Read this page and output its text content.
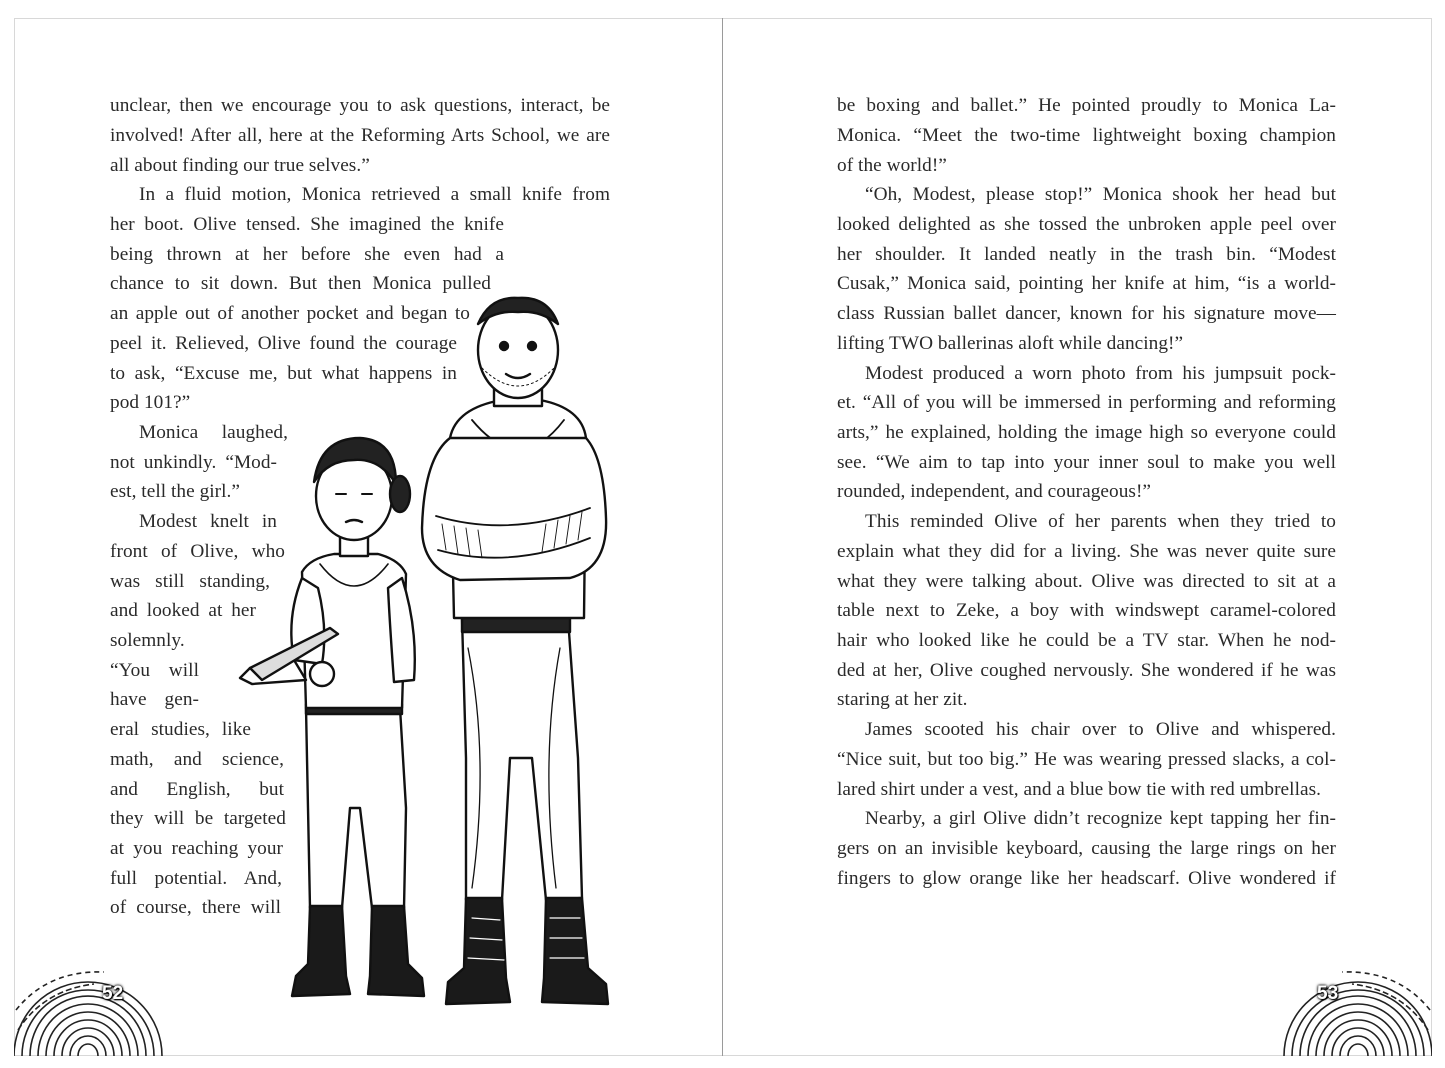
unclear, then we encourage you to ask questions, interact, be
involved! After all, here at the Reforming Arts School, we are
all about finding our true selves.”
In a fluid motion, Monica retrieved a small knife from
her boot. Olive tensed. She imagined the knife
being thrown at her before she even had a
chance to sit down. But then Monica pulled
an apple out of another pocket and began to
peel it. Relieved, Olive found the courage
to ask, “Excuse me, but what happens in
pod 101?”
Monica laughed,
not unkindly. “Mod-
est, tell the girl.”
Modest knelt in
front of Olive, who
was still standing,
and looked at her
solemnly.
“You will
have gen-
eral studies, like
math, and science,
and English, but
they will be targeted
at you reaching your
full potential. And,
of course, there will
be boxing and ballet.” He pointed proudly to Monica La-
Monica. “Meet the two-time lightweight boxing champion
of the world!”
“Oh, Modest, please stop!” Monica shook her head but
looked delighted as she tossed the unbroken apple peel over
her shoulder. It landed neatly in the trash bin. “Modest
Cusak,” Monica said, pointing her knife at him, “is a world-
class Russian ballet dancer, known for his signature move—
lifting TWO ballerinas aloft while dancing!”
Modest produced a worn photo from his jumpsuit pock-
et. “All of you will be immersed in performing and reforming
arts,” he explained, holding the image high so everyone could
see. “We aim to tap into your inner soul to make you well
rounded, independent, and courageous!”
This reminded Olive of her parents when they tried to
explain what they did for a living. She was never quite sure
what they were talking about. Olive was directed to sit at a
table next to Zeke, a boy with windswept caramel-colored
hair who looked like he could be a TV star. When he nod-
ded at her, Olive coughed nervously. She wondered if he was
staring at her zit.
James scooted his chair over to Olive and whispered.
“Nice suit, but too big.” He was wearing pressed slacks, a col-
lared shirt under a vest, and a blue bow tie with red umbrellas.
Nearby, a girl Olive didn’t recognize kept tapping her fin-
gers on an invisible keyboard, causing the large rings on her
fingers to glow orange like her headscarf. Olive wondered if
52	53
